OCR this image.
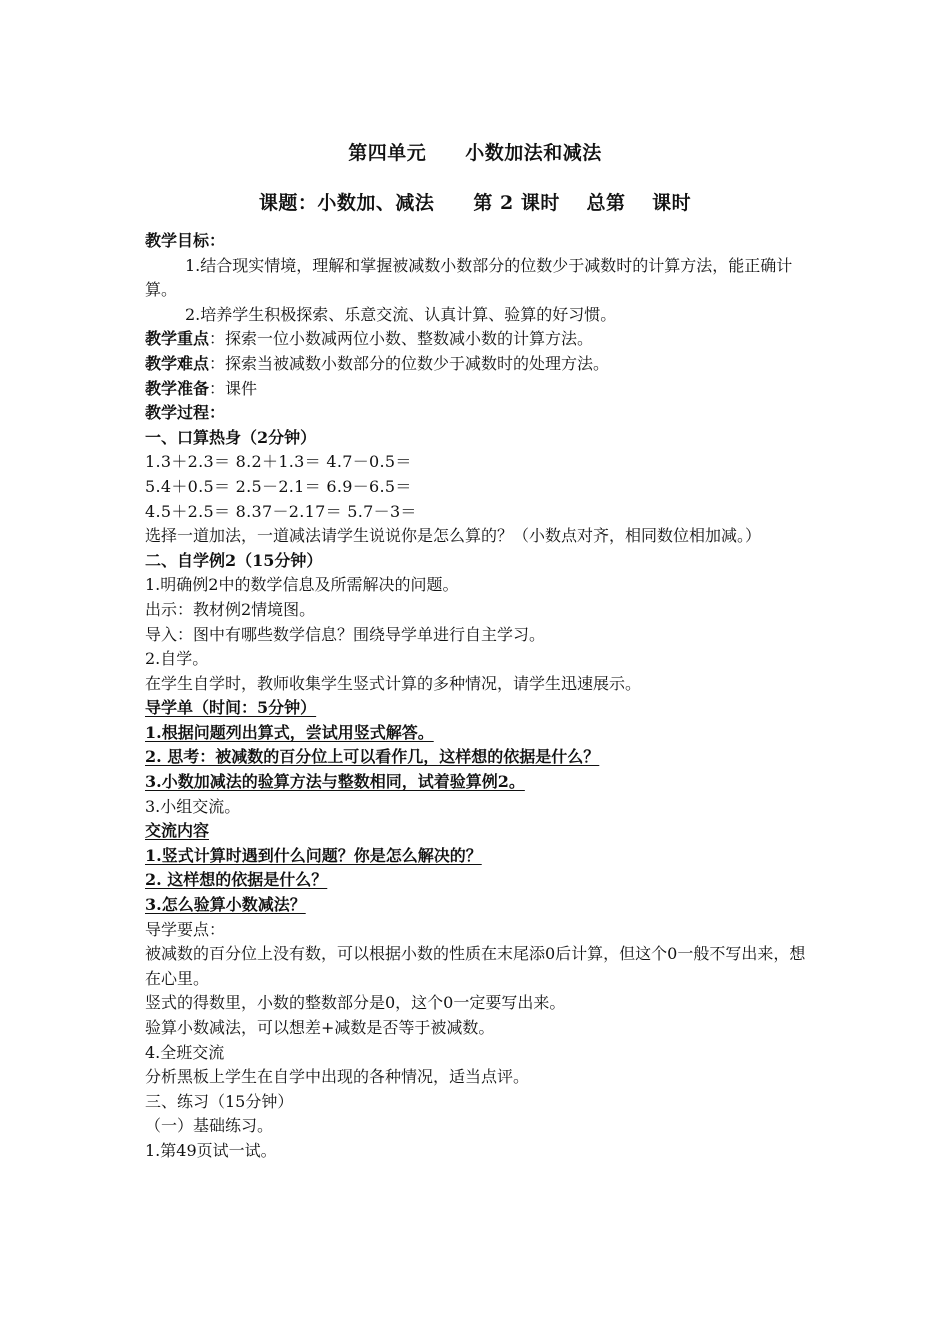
第四单元　　小数加法和减法
课题：小数加、减法　　第 2 课时　 总第　 课时
教学目标：
1.结合现实情境，理解和掌握被减数小数部分的位数少于减数时的计算方法，能正确计算。
2.培养学生积极探索、乐意交流、认真计算、验算的好习惯。
教学重点：探索一位小数减两位小数、整数减小数的计算方法。
教学难点：探索当被减数小数部分的位数少于减数时的处理方法。
教学准备：课件
教学过程：
一、口算热身（2分钟）
1.3＋2.3＝ 8.2＋1.3＝ 4.7－0.5＝
5.4＋0.5＝ 2.5－2.1＝ 6.9－6.5＝
4.5＋2.5＝ 8.37－2.17＝ 5.7－3＝
选择一道加法，一道减法请学生说说你是怎么算的？（小数点对齐，相同数位相加减。）
二、自学例2（15分钟）
1.明确例2中的数学信息及所需解决的问题。
出示：教材例2情境图。
导入：图中有哪些数学信息？围绕导学单进行自主学习。
2.自学。
在学生自学时，教师收集学生竖式计算的多种情况，请学生迅速展示。
导学单（时间：5分钟）
1.根据问题列出算式，尝试用竖式解答。
2. 思考：被减数的百分位上可以看作几，这样想的依据是什么？
3.小数加减法的验算方法与整数相同，试着验算例2。
3.小组交流。
交流内容
1.竖式计算时遇到什么问题？你是怎么解决的？
2. 这样想的依据是什么？
3.怎么验算小数减法？
导学要点：
被减数的百分位上没有数，可以根据小数的性质在末尾添0后计算，但这个0一般不写出来，想在心里。
竖式的得数里，小数的整数部分是0，这个0一定要写出来。
验算小数减法，可以想差+减数是否等于被减数。
4.全班交流
分析黑板上学生在自学中出现的各种情况，适当点评。
三、练习（15分钟）
（一）基础练习。
1.第49页试一试。
